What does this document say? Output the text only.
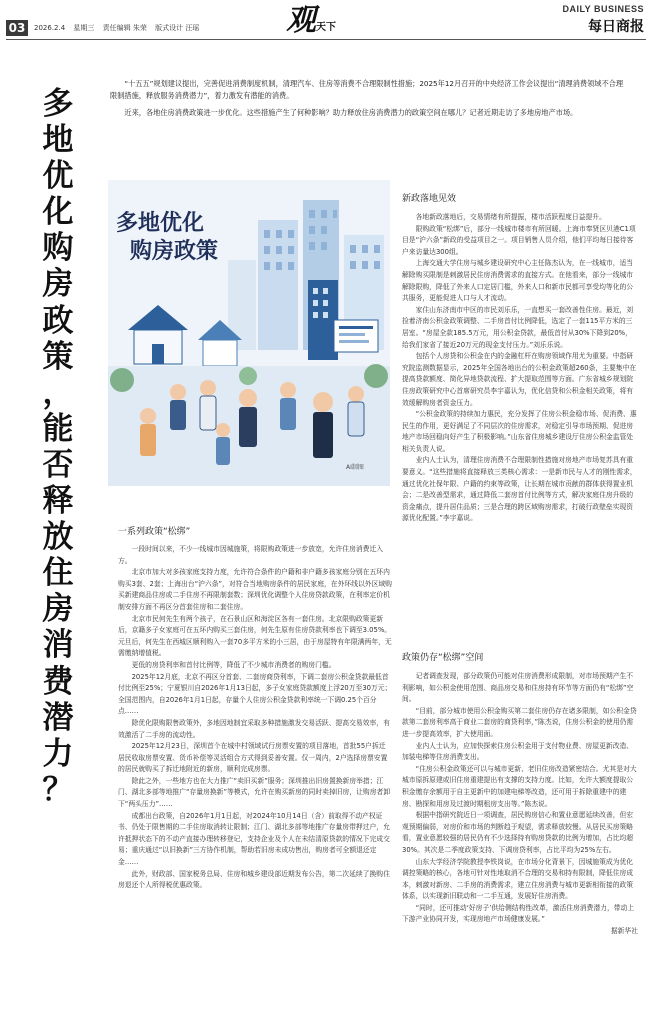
03	2026.2.4 星期三 责任编辑 朱荣 版式设计 汪瑶	观 天下
DAILY BUSINESS
每日商报
多
地
优
化
购
房
政
策
，
能
否
释
放
住
房
消
费
潜
力
？

“十五五”规划建议提出，完善促进消费制度机制，清理汽车、住房等消费不合理限制性措施；2025年12月召开的中央经济工作会议提出“清理消费领域不合理限制措施，释放服务消费潜力”，着力激发有潜能的消费。

近来，各地住房消费政策进一步优化。这些措施产生了何种影响？助力释放住房消费潜力的政策空间在哪儿？记者近期走访了多地房地产市场。

多地优化
购房政策
AI制图
一系列政策“松绑”

一段时间以来，不少一线城市因城施策，将限购政策进一步放宽，允许住房消费迁入方。

北京市加大对多孩家庭支持力度，允许符合条件的户籍和非户籍多孩家庭分别在五环内购买3套、2套；上海出台“沪六条”，对符合当地购房条件的居民家庭，在外环线以外区域购买新建商品住房或二手住房不再限制套数；深圳优化调整个人住房贷款政策，在利率定价机制安排方面不再区分首套住房和二套住房。

北京市民何先生有两个孩子，在石景山区和海淀区各有一套住房。北京限购政策更新后，京籍多子女家庭可在五环内购买三套住房，何先生原有住房贷款利率也下调至3.05%。元旦后，何先生在西城区顺利购入一套70多平方米的小三居，由于房屋特有年限满两年，无需缴纳增值税。

更低的房贷利率和首付比例等，降低了不少城市消费者的购房门槛。

2025年12月底，北京不再区分首套、二套房商贷利率，下调二套房公积金贷款最低首付比例至25%；宁夏银川自2026年1月13日起，多子女家庭贷款额度上浮20万至30万元；全国范围内，自2026年1月1日起，存量个人住房公积金贷款利率统一下调0.25个百分点……

除优化限购限售政策外，多地因地制宜采取多种措施激发交易活跃、提高交易效率，有效激活了二手房的流动性。

2025年12月23日，深圳首个在城中村领域试行房票安置的项目落地，首批55户拆迁居民收取房票安置、货币补偿等灵活组合方式得到妥善安置。仅一周内，2户选择房票安置的居民就购买了拆迁地附近的新房，顺利完成房票。

除此之外，一些地方也在大力推广“卖旧买新”服务；深圳推出旧房置换新房举措；江门、湖北多部等地推广“存量房换新”等模式，允许在购买新房的同时卖掉旧房，让购房者卸下“两头压力”……

成都出台政策，自2026年1月1日起，对2024年10月14日（含）前取得不动产权证书、仍处于限售期的二手住房取消转让限制；江门、湖北多部等地推广存量房带押过户，允许抵押状态下的不动产直接办理转移登记，支持企业及个人在未结清原贷款的情况下完成交易；重庆通过“以旧换新”三方协作机制，帮助若旧房未成功售出，购房者可全额退还定金……

此外，财政部、国家税务总局、住房和城乡建设部近期发布公告，第二次延续了换购住房退还个人所得税优惠政策。

新政落地见效

各地新政落地后，交易情绪有所提振，楼市活跃程度日益提升。

限购政策“松绑”后，部分一线城市楼市有所回暖。上海市奉贤区贝港C1项目是“沪六条”新政的受益项目之一。项目销售人员介绍，他们平均每日接待客户来访量达300组。

上海交通大学住房与城乡建设研究中心主任陈杰认为，在一线城市，适当解除购买限制是刺激居民住房消费需求的直接方式。在他看来，部分一线城市解除限购，降低了外来人口定居门槛，外来人口和新市民都可享受均等化的公共服务，更能促进人口与人才流动。

家住山东济南市中区的市民刘乐乐，一直想买一套改善性住房。最近，刘捡着济南公积金政策调整、二手房首付比例降低，选定了一套115平方米的三居室。“房屋全款185.5万元，用公积金贷款，最低首付从30%下降到20%，给我们家省了接近20万元的现金支付压力。”刘乐乐说。

包括个人房贷和公积金在内的金融杠杆在购房领域作用尤为重要。中指研究院监测数据显示，2025年全国各地出台的公积金政策超260条，主要集中在提高贷款额度、简化异地贷款流程、扩大提取范围等方面。广东省城乡规划院住房政策研究中心首席研究员李宇嘉认为，优化信贷和公积金相关政策，将有效缓解购房者资金压力。

“公积金政策的持续加力惠民，充分发挥了住房公积金稳市场、促消费、惠民生的作用，更好满足了不同层次的住房需求，对稳定引导市场预期、促进房地产市场回稳向好产生了积极影响。”山东省住房城乡建设厅住房公积金监管处相关负责人说。

业内人士认为，清理住房消费不合理限制性措施对房地产市场复苏具有重要意义。“这些措施将直接释放三类核心需求：一是新市民与人才的刚性需求，通过优化社保年限、户籍的约束等政策，让长期在城市贡献的群体获得置业机会；二是改善型需求，通过降低二套房首付比例等方式，解决家庭住房升级的资金痛点，提升居住品质；三是合理的跨区域购房需求，打破行政壁垒实现资源优化配置。”李宇嘉说。

政策仍存“松绑”空间

记者调查发现，部分政策仍可能对住房消费形成限制，对市场预期产生不利影响，如公积金使用范围、商品房交易和住房持有环节等方面仍有“松绑”空间。

“目前，部分城市使用公积金购买第二套住房仍存在诸多限制，如公积金贷款第二套房利率高于商业二套房的商贷利率，”陈杰说，住房公积金的使用仍需进一步提高效率，扩大使用面。

业内人士认为，应加快探索住房公积金用于支付物业费、房屋更新改造、加装电梯等住房消费支出。

“住房公积金政策还可以与城市更新、老旧住房改造紧密结合。尤其是对大城市原拆原建或旧住房重建提出有支撑的支持力度。比如，允许大额度提取公积金缴存余额用于自主更新中的加建电梯等改造，还可用于拆除重建中的建房、勘探和用房及过渡时期租房支出等。”陈杰说。

根据中指研究院近日一项调查，居民购房信心和置业意愿延续改善，但宏观预期偏弱，对房价和市场的判断趋于观望，需求释放较慢。从居民买房策略看，置业意愿较强的居民仍有不少选择持有购房贷款的比例为增加，占比均超30%。其次是二季度政策支持、下调房贷利率，占比平均为25%左右。

山东大学经济学院教授李铁岗说，在市场分化背景下，因城施策成为优化调控策略的核心，各地可针对性地取消不合理的交易和持有限制，降低住房成本，刺激对新房、二手房的消费需求，建立住房消费与城市更新相衔接的政策体系，以实现新旧联动和一二手互通，发展好住房消费。

“同时，还可推动‘好房子’供给侧结构性改革，激活住房消费潜力，带动上下游产业协同开发，实现房地产市场健康发展。”

据新华社
